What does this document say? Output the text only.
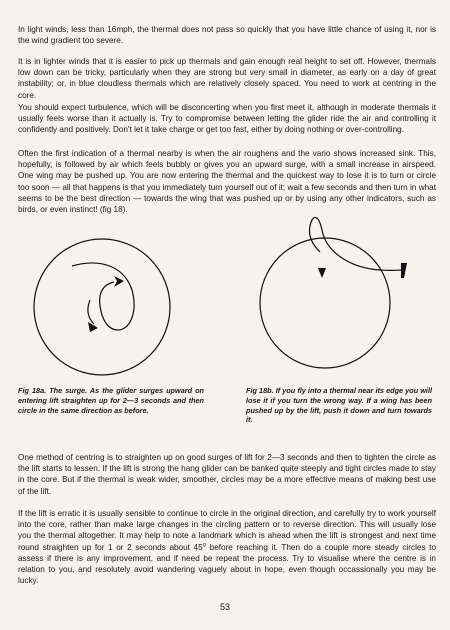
In light winds, less than 16mph, the thermal does not pass so quickly that you have little chance of using it, nor is the wind gradient too severe.

It is in lighter winds that it is easier to pick up thermals and gain enough real height to set off. However, thermals low down can be tricky, particularly when they are strong but very small in diameter, as early on a day of great instability; or, in blue cloudless thermals which are relatively closely spaced. You need to work at centring in the core.

You should expect turbulence, which will be disconcerting when you first meet it, although in moderate thermals it usually feels worse than it actually is. Try to compromise between letting the glider ride the air and controlling it confidently and positively. Don't let it take charge or get too fast, either by doing nothing or over-controlling.

Often the first indication of a thermal nearby is when the air roughens and the vario shows increased sink. This, hopefully, is followed by air which feels bubbly or gives you an upward surge, with a small increase in airspeed. One wing may be pushed up. You are now entering the thermal and the quickest way to lose it is to turn or circle too soon — all that happens is that you immediately turn yourself out of it; wait a few seconds and then turn in what seems to be the best direction — towards the wing that was pushed up or by using any other indicators, such as birds, or even instinct! (fig 18).

Fig 18a. The surge. As the glider surges upward on entering lift straighten up for 2—3 seconds and then circle in the same direction as before.

Fig 18b. If you fly into a thermal near its edge you will lose it if you turn the wrong way. If a wing has been pushed up by the lift, push it down and turn towards it.

One method of centring is to straighten up on good surges of lift for 2—3 seconds and then to tighten the circle as the lift starts to lessen. If the lift is strong the hang glider can be banked quite steeply and tight circles made to stay in the core. But if the thermal is weak wider, smoother, circles may be a more effective means of making best use of the lift.

If the lift is erratic it is usually sensible to continue to circle in the original direction, and carefully try to work yourself into the core, rather than make large changes in the circling pattern or to reverse direction. This will usually lose you the thermal altogether. It may help to note a landmark which is ahead when the lift is strongest and next time round straighten up for 1 or 2 seconds about 45$^o$ before reaching it. Then do a couple more steady circles to assess if there is any improvement, and if need be repeat the process. Try to visualise where the centre is in relation to you, and resolutely avoid wandering vaguely about in hope, even though occassionally you may be lucky.

53
